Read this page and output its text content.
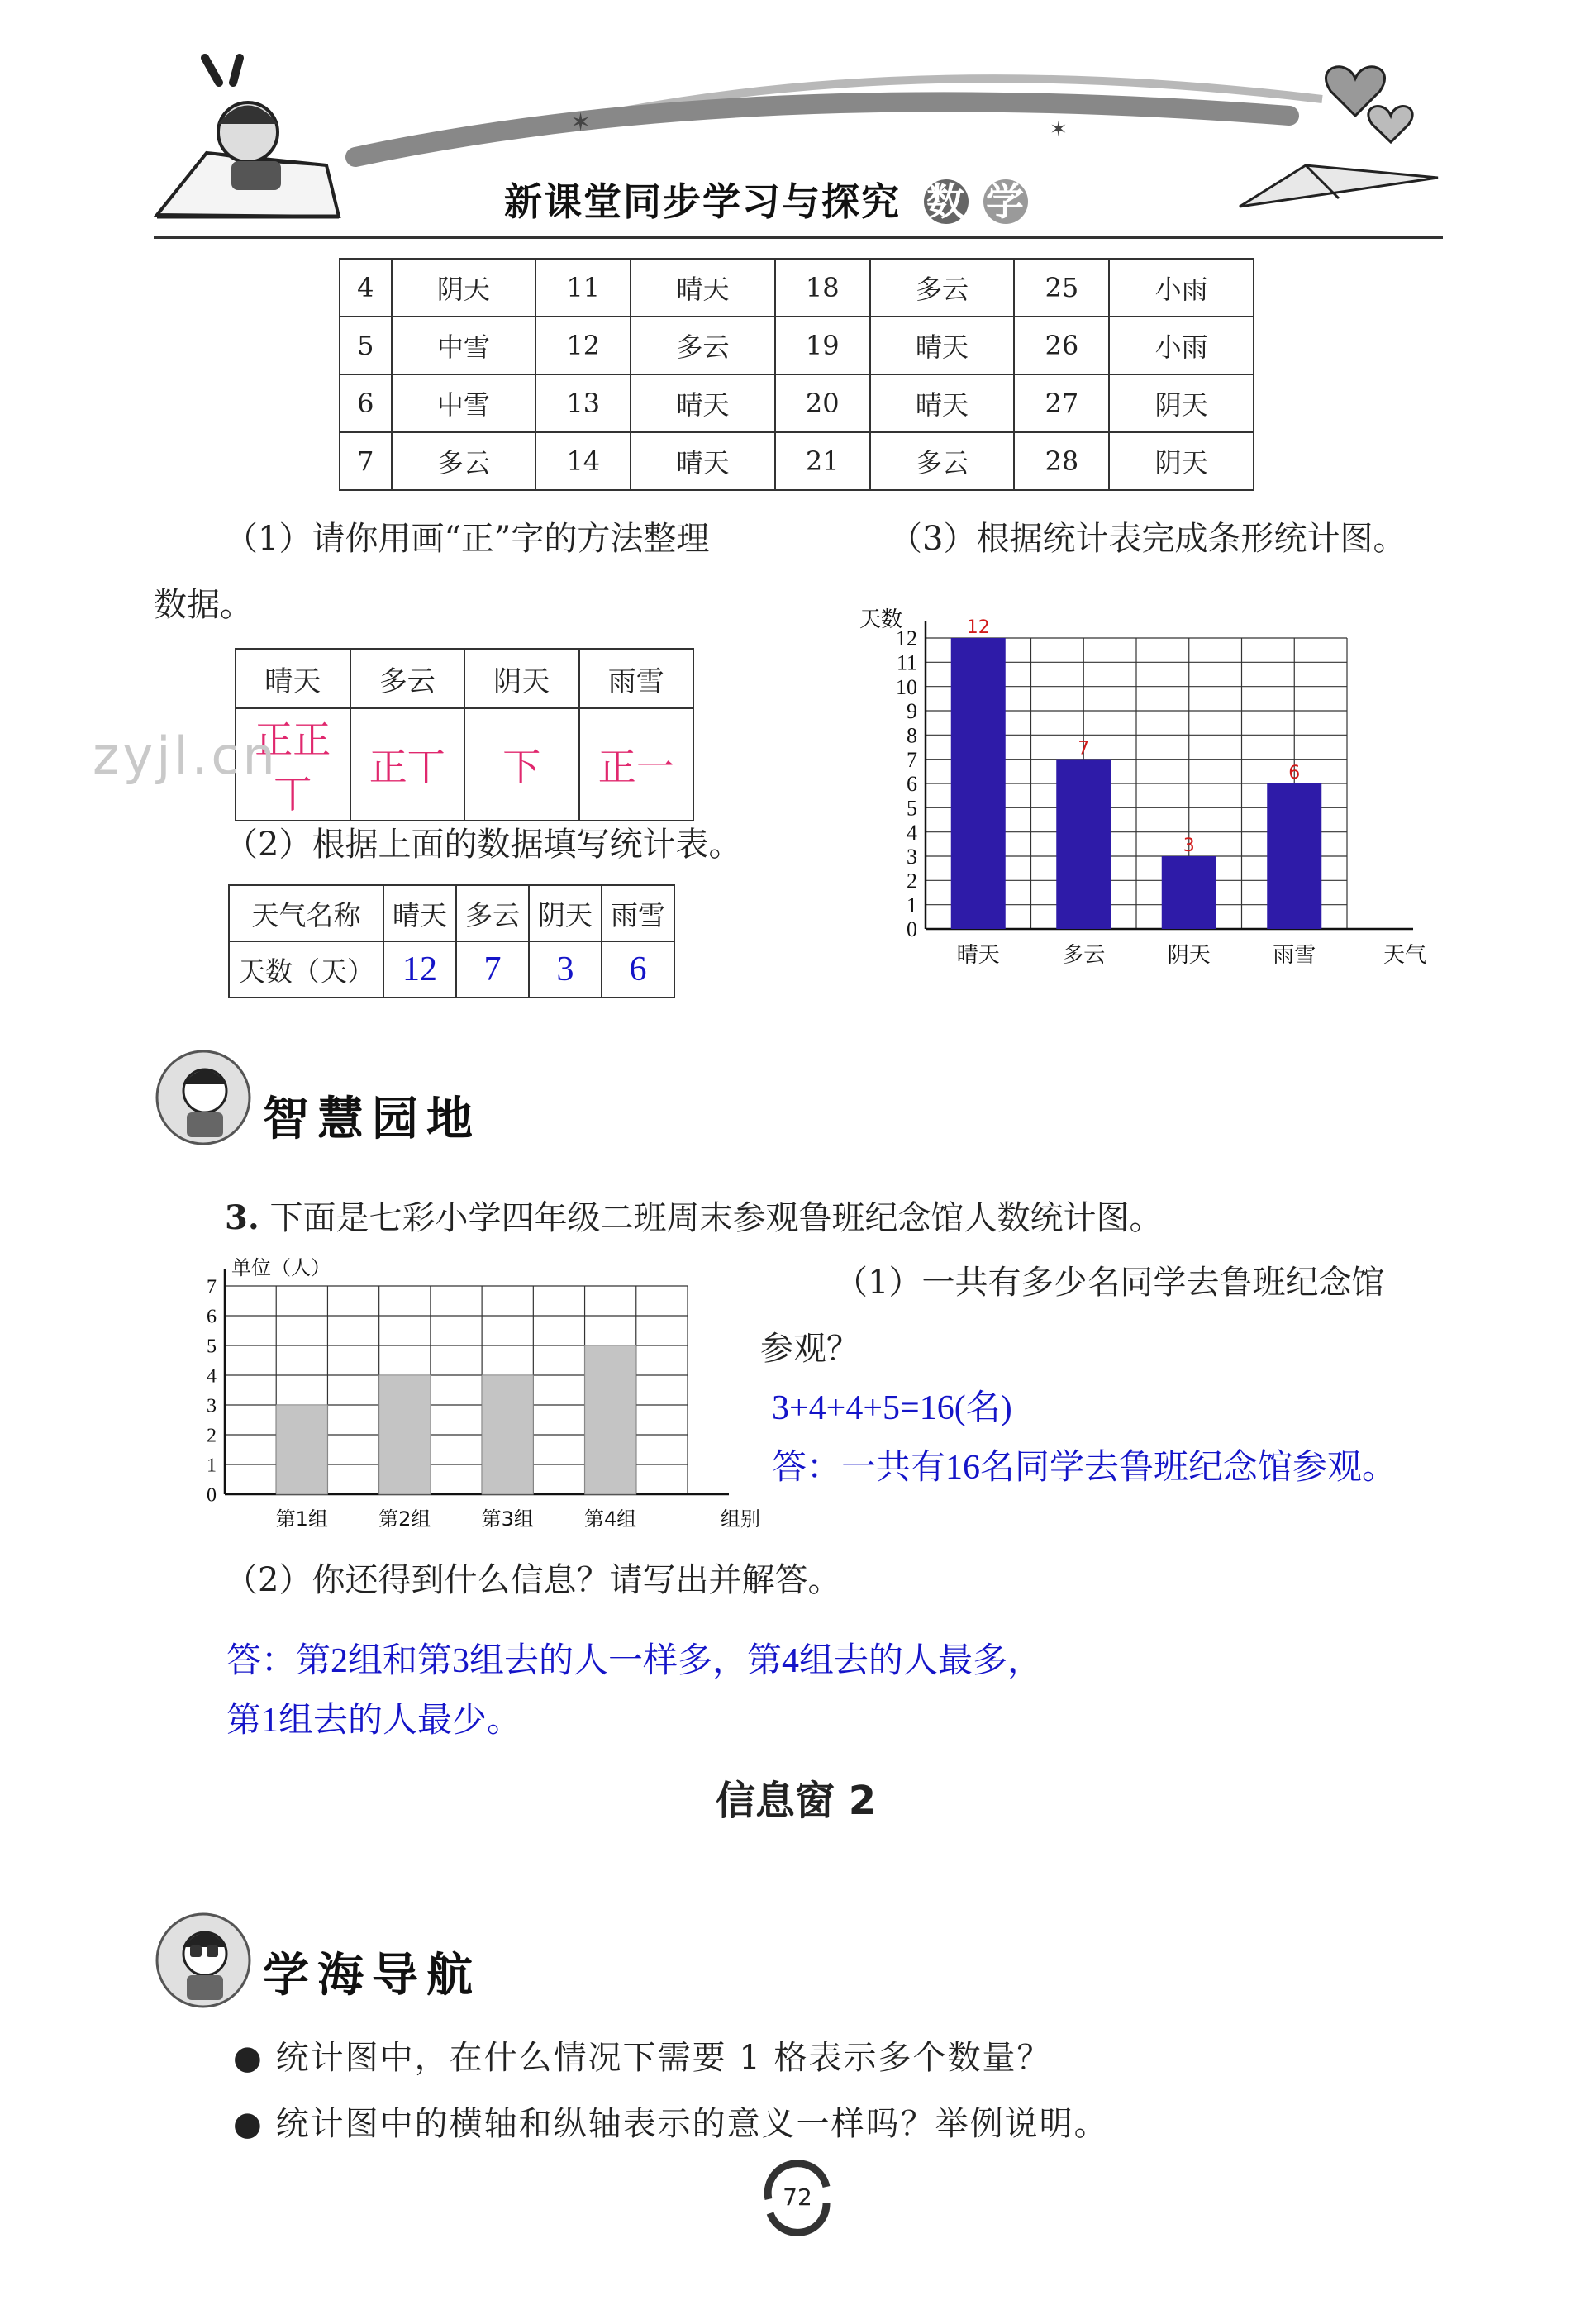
✶	✶
新课堂同步学习与探究 数 学
4	阴天	11	晴天	18	多云	25	小雨
5	中雪	12	多云	19	晴天	26	小雨
6	中雪	13	晴天	20	晴天	27	阴天
7	多云	14	晴天	21	多云	28	阴天
（1）请你用画“正”字的方法整理
数据。
（3）根据统计表完成条形统计图。
晴天	多云	阴天	雨雪
正正丅	正丅	下	正一
zyjl.cn
（2）根据上面的数据填写统计表。
天气名称	晴天	多云	阴天	雨雪
天数（天）	12	7	3	6
0
1
2
3
4
5
6
7
8
9
10
11
12
天数
天气
晴天
12
多云
7
阴天
3
雨雪
6
智慧园地
3. 下面是七彩小学四年级二班周末参观鲁班纪念馆人数统计图。
0
1
2
3
4
5
6
7
单位（人）
组别
第1组	第2组	第3组	第4组
（1）一共有多少名同学去鲁班纪念馆
参观？
3+4+4+5=16(名)
答：一共有16名同学去鲁班纪念馆参观。
（2）你还得到什么信息？请写出并解答。
答：第2组和第3组去的人一样多，第4组去的人最多，
第1组去的人最少。
信息窗 2
学海导航
● 统计图中，在什么情况下需要 1 格表示多个数量？
● 统计图中的横轴和纵轴表示的意义一样吗？举例说明。
72
